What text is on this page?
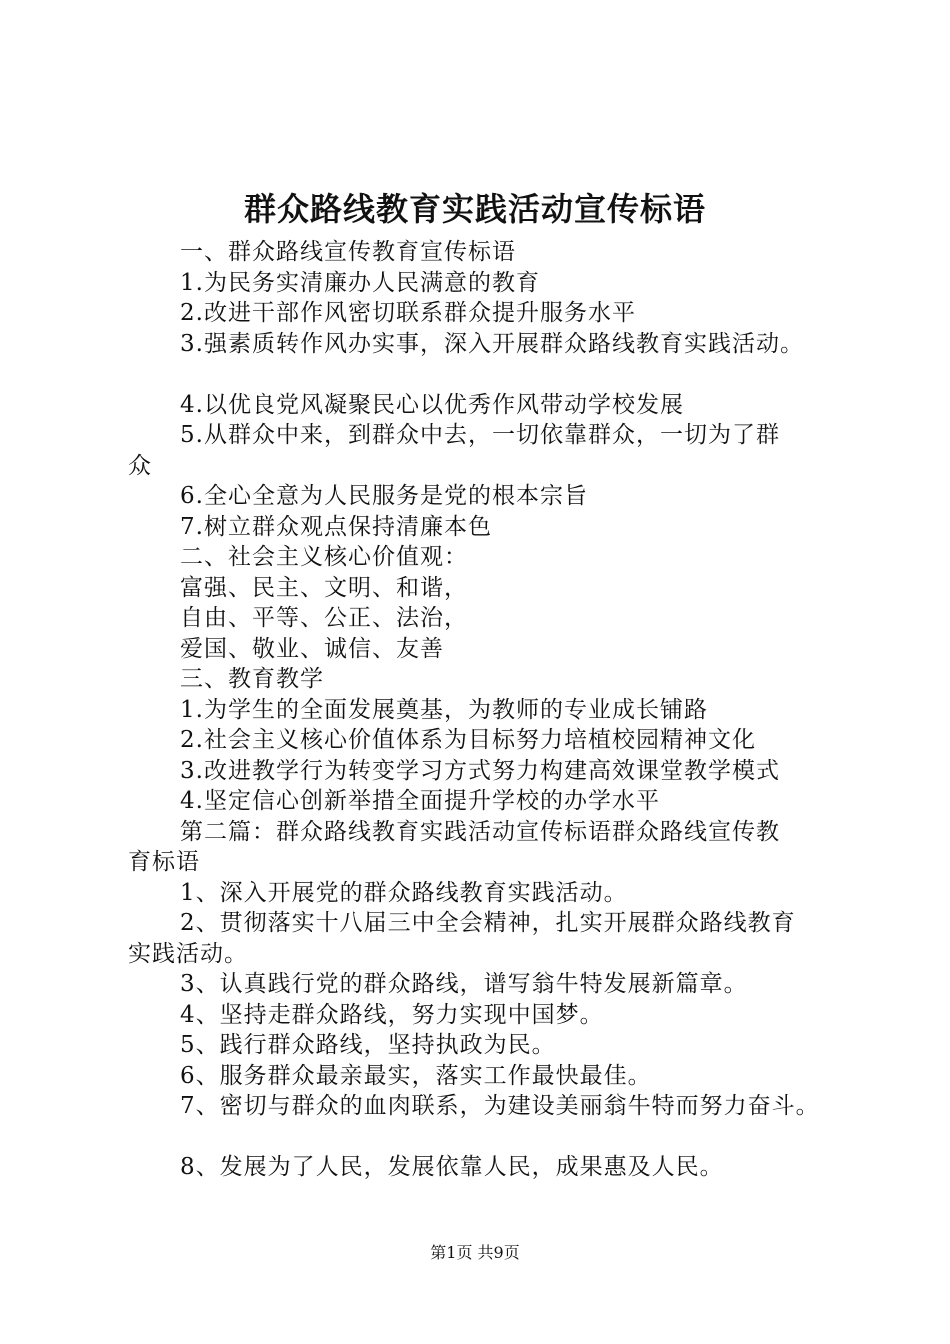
群众路线教育实践活动宣传标语
一、群众路线宣传教育宣传标语
1.为民务实清廉办人民满意的教育
2.改进干部作风密切联系群众提升服务水平
3.强素质转作风办实事，深入开展群众路线教育实践活动。
4.以优良党风凝聚民心以优秀作风带动学校发展
5.从群众中来，到群众中去，一切依靠群众，一切为了群
众
6.全心全意为人民服务是党的根本宗旨
7.树立群众观点保持清廉本色
二、社会主义核心价值观：
富强、民主、文明、和谐，
自由、平等、公正、法治，
爱国、敬业、诚信、友善
三、教育教学
1.为学生的全面发展奠基，为教师的专业成长铺路
2.社会主义核心价值体系为目标努力培植校园精神文化
3.改进教学行为转变学习方式努力构建高效课堂教学模式
4.坚定信心创新举措全面提升学校的办学水平
第二篇：群众路线教育实践活动宣传标语群众路线宣传教
育标语
1、深入开展党的群众路线教育实践活动。
2、贯彻落实十八届三中全会精神，扎实开展群众路线教育
实践活动。
3、认真践行党的群众路线，谱写翁牛特发展新篇章。
4、坚持走群众路线，努力实现中国梦。
5、践行群众路线，坚持执政为民。
6、服务群众最亲最实，落实工作最快最佳。
7、密切与群众的血肉联系，为建设美丽翁牛特而努力奋斗。
8、发展为了人民，发展依靠人民，成果惠及人民。
第1页 共9页
